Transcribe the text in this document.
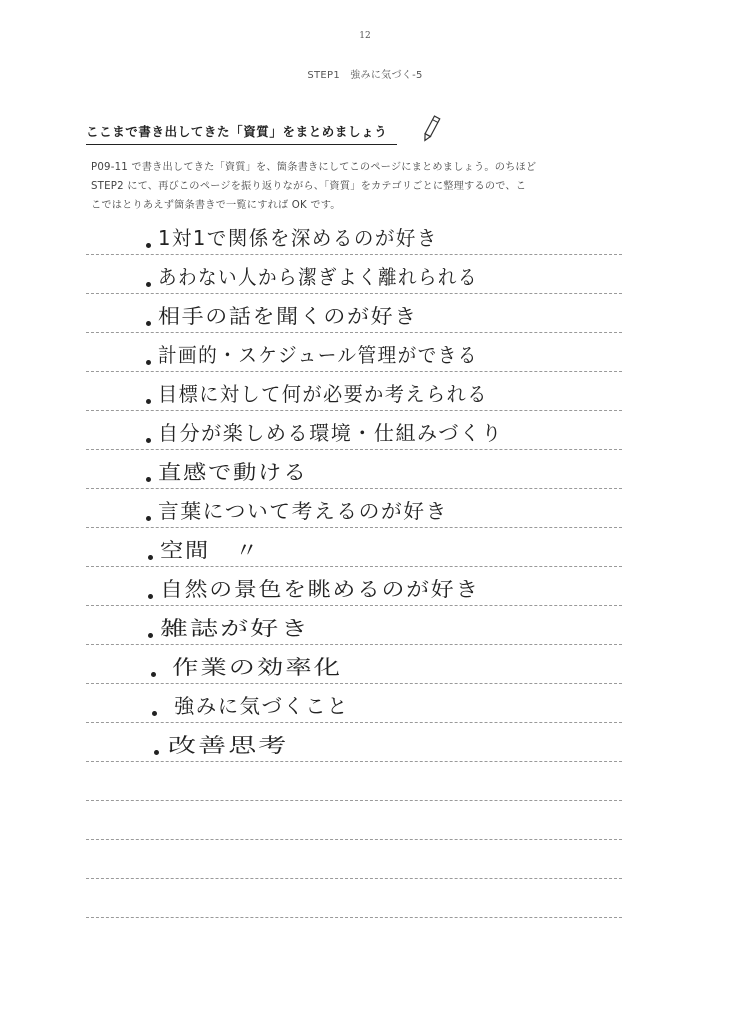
12
STEP1　強みに気づく-5
ここまで書き出してきた「資質」をまとめましょう
P09-11 で書き出してきた「資質」を、箇条書きにしてこのページにまとめましょう。のちほど
STEP2 にて、再びこのページを振り返りながら、「資質」をカテゴリごとに整理するので、こ
こではとりあえず箇条書きで一覧にすれば OK です。
1対1で関係を深めるのが好き
あわない人から潔ぎよく離れられる
相手の話を聞くのが好き
計画的・スケジュール管理ができる
目標に対して何が必要か考えられる
自分が楽しめる環境・仕組みづくり
直感で動ける
言葉について考えるのが好き
空間　〃
自然の景色を眺めるのが好き
雑誌が好き
作業の効率化
強みに気づくこと
改善思考
